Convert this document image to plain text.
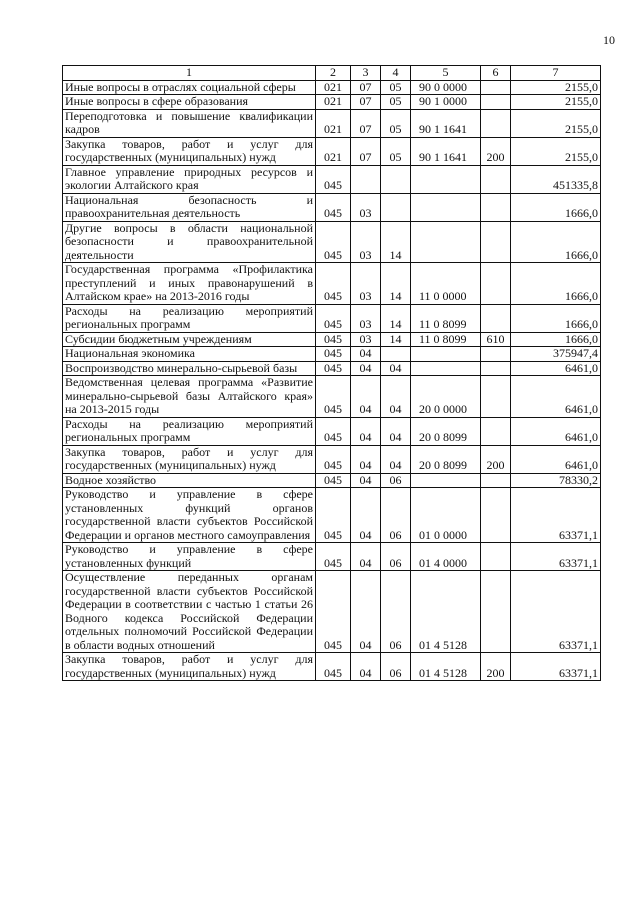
10
1	2	3	4	5	6	7
Иные вопросы в отраслях социальной сферы	021	07	05	90 0 0000		2155,0
Иные вопросы в сфере образования	021	07	05	90 1 0000		2155,0
Переподготовка и повышение квалификации кадров	021	07	05	90 1 1641		2155,0
Закупка товаров, работ и услуг для государственных (муниципальных) нужд	021	07	05	90 1 1641	200	2155,0
Главное управление природных ресурсов и экологии Алтайского края	045					451335,8
Национальная безопасность и правоохранительная деятельность	045	03				1666,0
Другие вопросы в области национальной безопасности и правоохранительной деятельности	045	03	14			1666,0
Государственная программа «Профилактика преступлений и иных правонарушений в Алтайском крае» на 2013-2016 годы	045	03	14	11 0 0000		1666,0
Расходы на реализацию мероприятий региональных программ	045	03	14	11 0 8099		1666,0
Субсидии бюджетным учреждениям	045	03	14	11 0 8099	610	1666,0
Национальная экономика	045	04				375947,4
Воспроизводство минерально-сырьевой базы	045	04	04			6461,0
Ведомственная целевая программа «Развитие минерально-сырьевой базы Алтайского края» на 2013-2015 годы	045	04	04	20 0 0000		6461,0
Расходы на реализацию мероприятий региональных программ	045	04	04	20 0 8099		6461,0
Закупка товаров, работ и услуг для государственных (муниципальных) нужд	045	04	04	20 0 8099	200	6461,0
Водное хозяйство	045	04	06			78330,2
Руководство и управление в сфере установленных функций органов государственной власти субъектов Российской Федерации и органов местного самоуправления	045	04	06	01 0 0000		63371,1
Руководство и управление в сфере установленных функций	045	04	06	01 4 0000		63371,1
Осуществление переданных органам государственной власти субъектов Российской Федерации в соответствии с частью 1 статьи 26 Водного кодекса Российской Федерации отдельных полномочий Российской Федерации в области водных отношений	045	04	06	01 4 5128		63371,1
Закупка товаров, работ и услуг для государственных (муниципальных) нужд	045	04	06	01 4 5128	200	63371,1
